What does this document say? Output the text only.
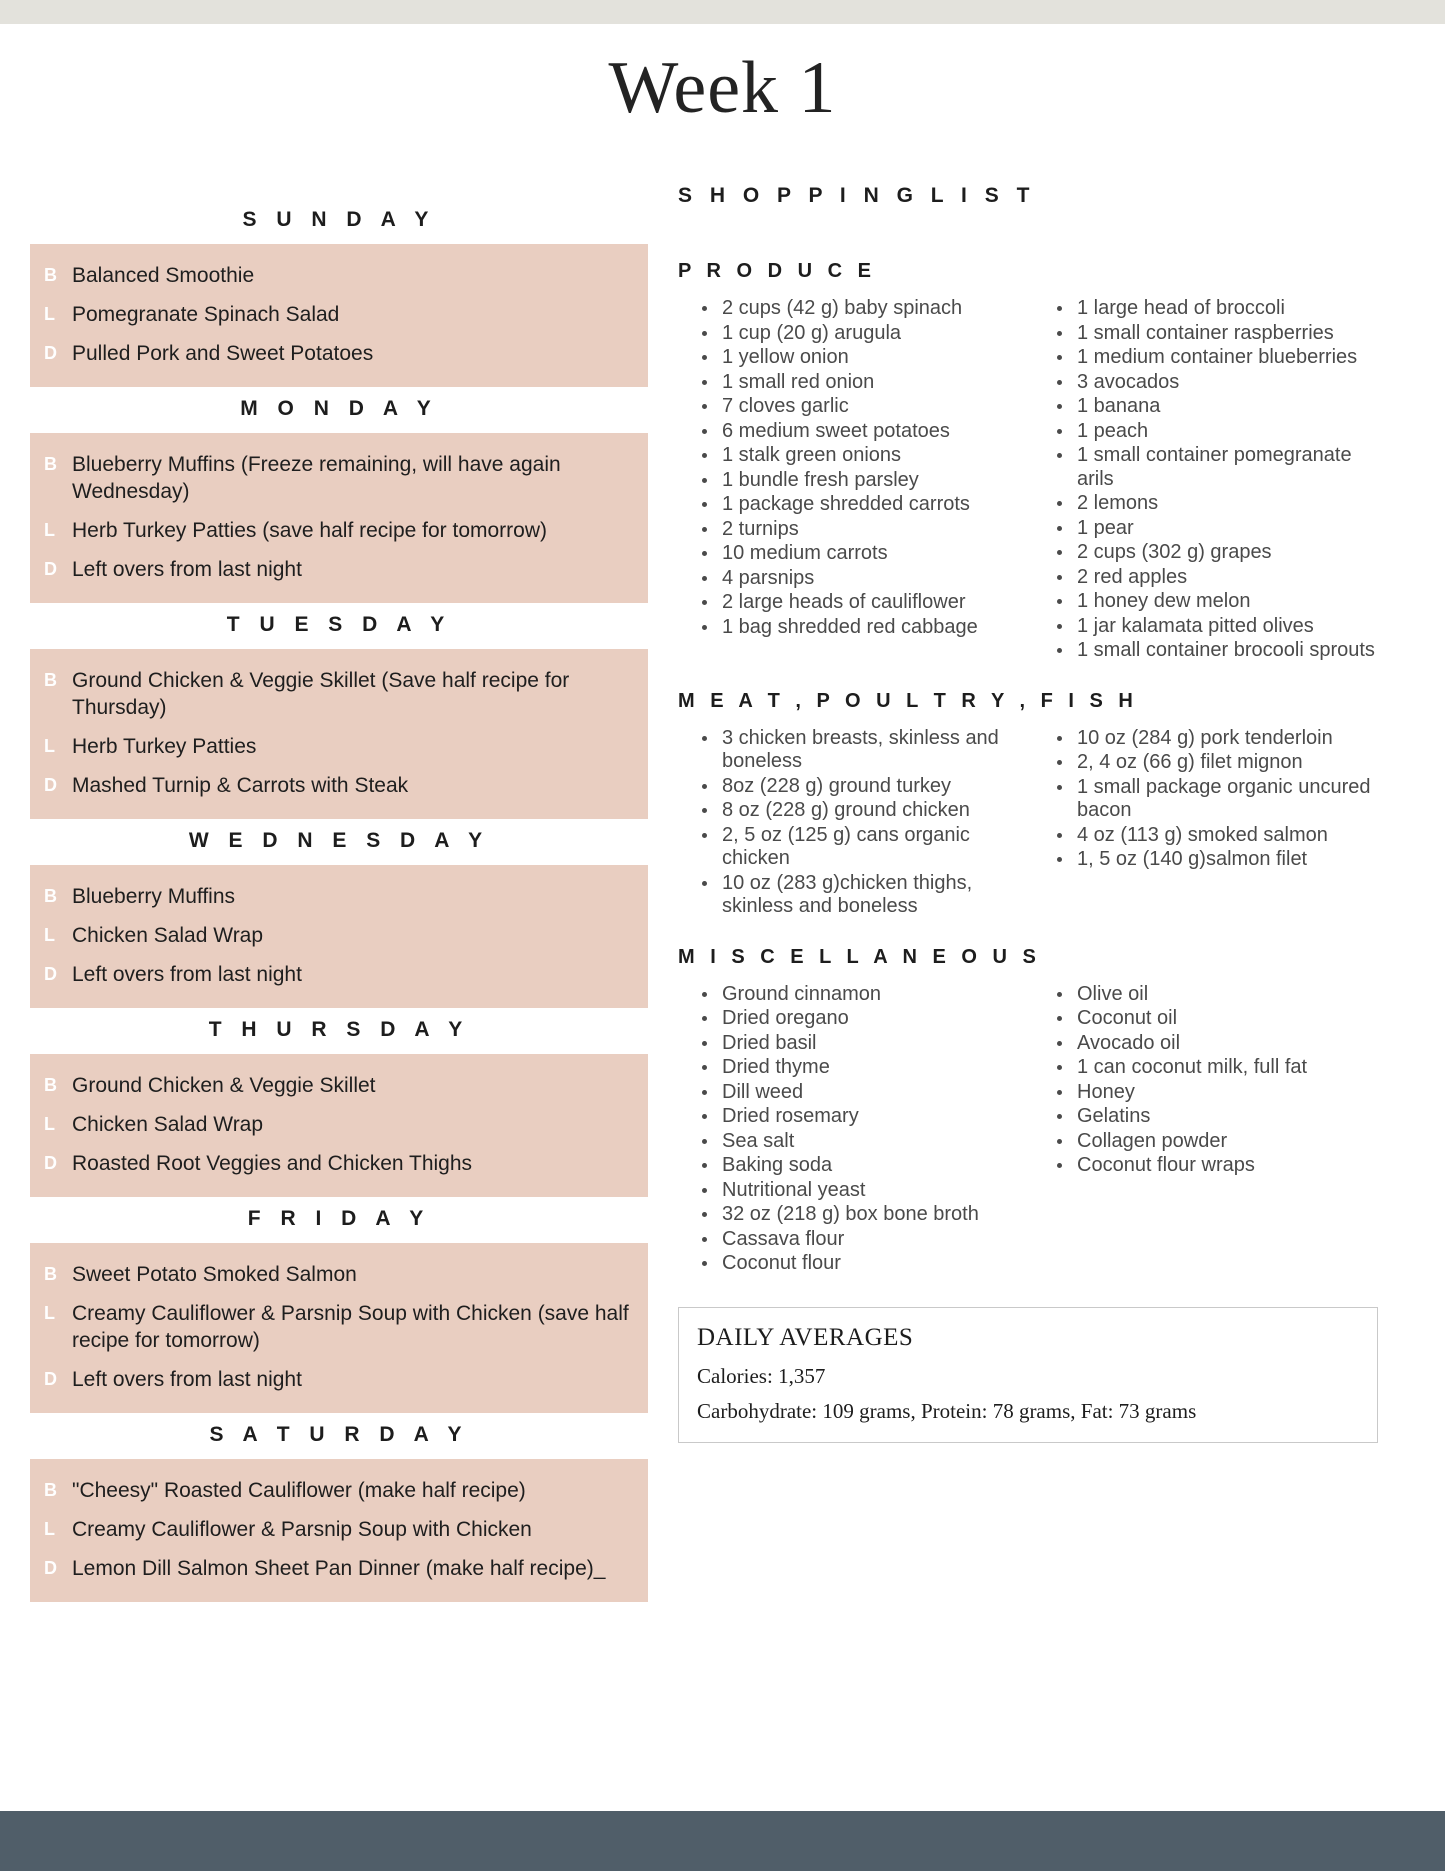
Week 1
S U N D A Y
B Balanced Smoothie
L Pomegranate Spinach Salad
D Pulled Pork and Sweet Potatoes
M O N D A Y
B Blueberry Muffins (Freeze remaining, will have again Wednesday)
L Herb Turkey Patties (save half recipe for tomorrow)
D Left overs from last night
T U E S D A Y
B Ground Chicken & Veggie Skillet (Save half recipe for Thursday)
L Herb Turkey Patties
D Mashed Turnip & Carrots with Steak
W E D N E S D A Y
B Blueberry Muffins
L Chicken Salad Wrap
D Left overs from last night
T H U R S D A Y
B Ground Chicken & Veggie Skillet
L Chicken Salad Wrap
D Roasted Root Veggies and Chicken Thighs
F R I D A Y
B Sweet Potato Smoked Salmon
L Creamy Cauliflower & Parsnip Soup with Chicken (save half recipe for tomorrow)
D Left overs from last night
S A T U R D A Y
B "Cheesy" Roasted Cauliflower (make half recipe)
L Creamy Cauliflower & Parsnip Soup with Chicken
D Lemon Dill Salmon Sheet Pan Dinner (make half recipe)_
S H O P P I N G L I S T
P R O D U C E
2 cups (42 g) baby spinach
1 cup (20 g) arugula
1 yellow onion
1 small red onion
7 cloves garlic
6 medium sweet potatoes
1 stalk green onions
1 bundle fresh parsley
1 package shredded carrots
2 turnips
10 medium carrots
4 parsnips
2 large heads of cauliflower
1 bag shredded red cabbage
1 large head of broccoli
1 small container raspberries
1 medium container blueberries
3 avocados
1 banana
1 peach
1 small container pomegranate arils
2 lemons
1 pear
2 cups (302 g) grapes
2 red apples
1 honey dew melon
1 jar kalamata pitted olives
1 small container brocooli sprouts
M E A T , P O U L T R Y , F I S H
3 chicken breasts, skinless and boneless
8oz (228 g) ground turkey
8 oz (228 g) ground chicken
2, 5 oz (125 g) cans organic chicken
10 oz (283 g)chicken thighs, skinless and boneless
10 oz (284 g) pork tenderloin
2, 4 oz (66 g) filet mignon
1 small package organic uncured bacon
4 oz (113 g) smoked salmon
1, 5 oz (140 g)salmon filet
M I S C E L L A N E O U S
Ground cinnamon
Dried oregano
Dried basil
Dried thyme
Dill weed
Dried rosemary
Sea salt
Baking soda
Nutritional yeast
32 oz (218 g) box bone broth
Cassava flour
Coconut flour
Olive oil
Coconut oil
Avocado oil
1 can coconut milk, full fat
Honey
Gelatins
Collagen powder
Coconut flour wraps
DAILY AVERAGES
Calories: 1,357
Carbohydrate: 109 grams, Protein: 78 grams, Fat: 73 grams
